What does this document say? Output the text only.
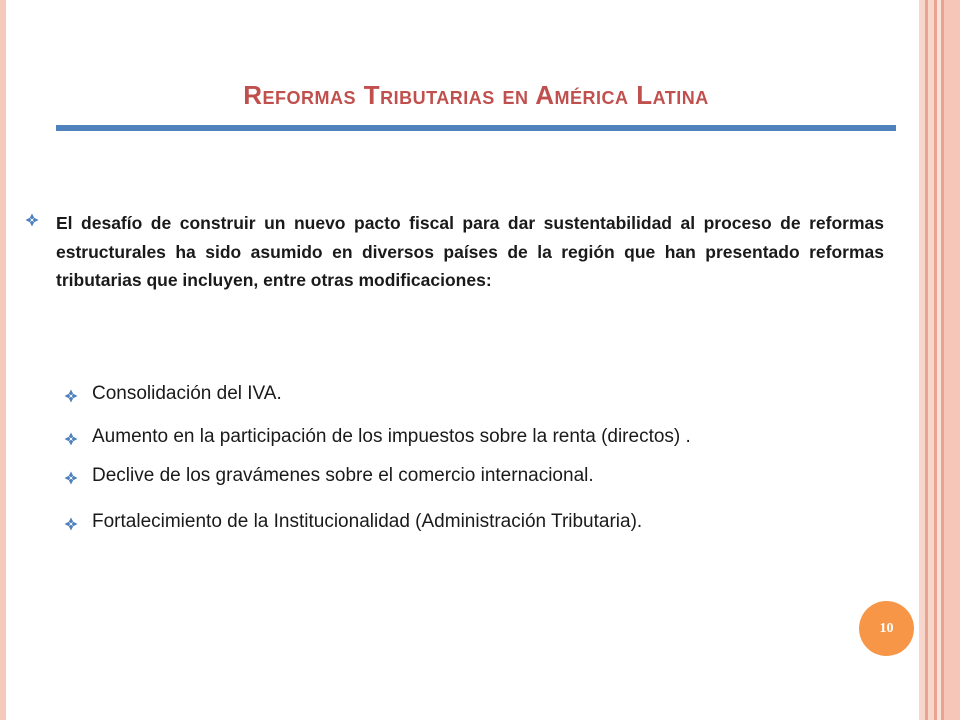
Reformas Tributarias en América Latina

El desafío de construir un nuevo pacto fiscal para dar sustentabilidad al proceso de reformas estructurales ha sido asumido en diversos países de la región que han presentado reformas tributarias que incluyen, entre otras modificaciones:

Consolidación del IVA.

Aumento en la participación de los impuestos sobre la renta (directos) .

Declive de los gravámenes sobre el comercio internacional.

Fortalecimiento de la Institucionalidad (Administración Tributaria).

10
